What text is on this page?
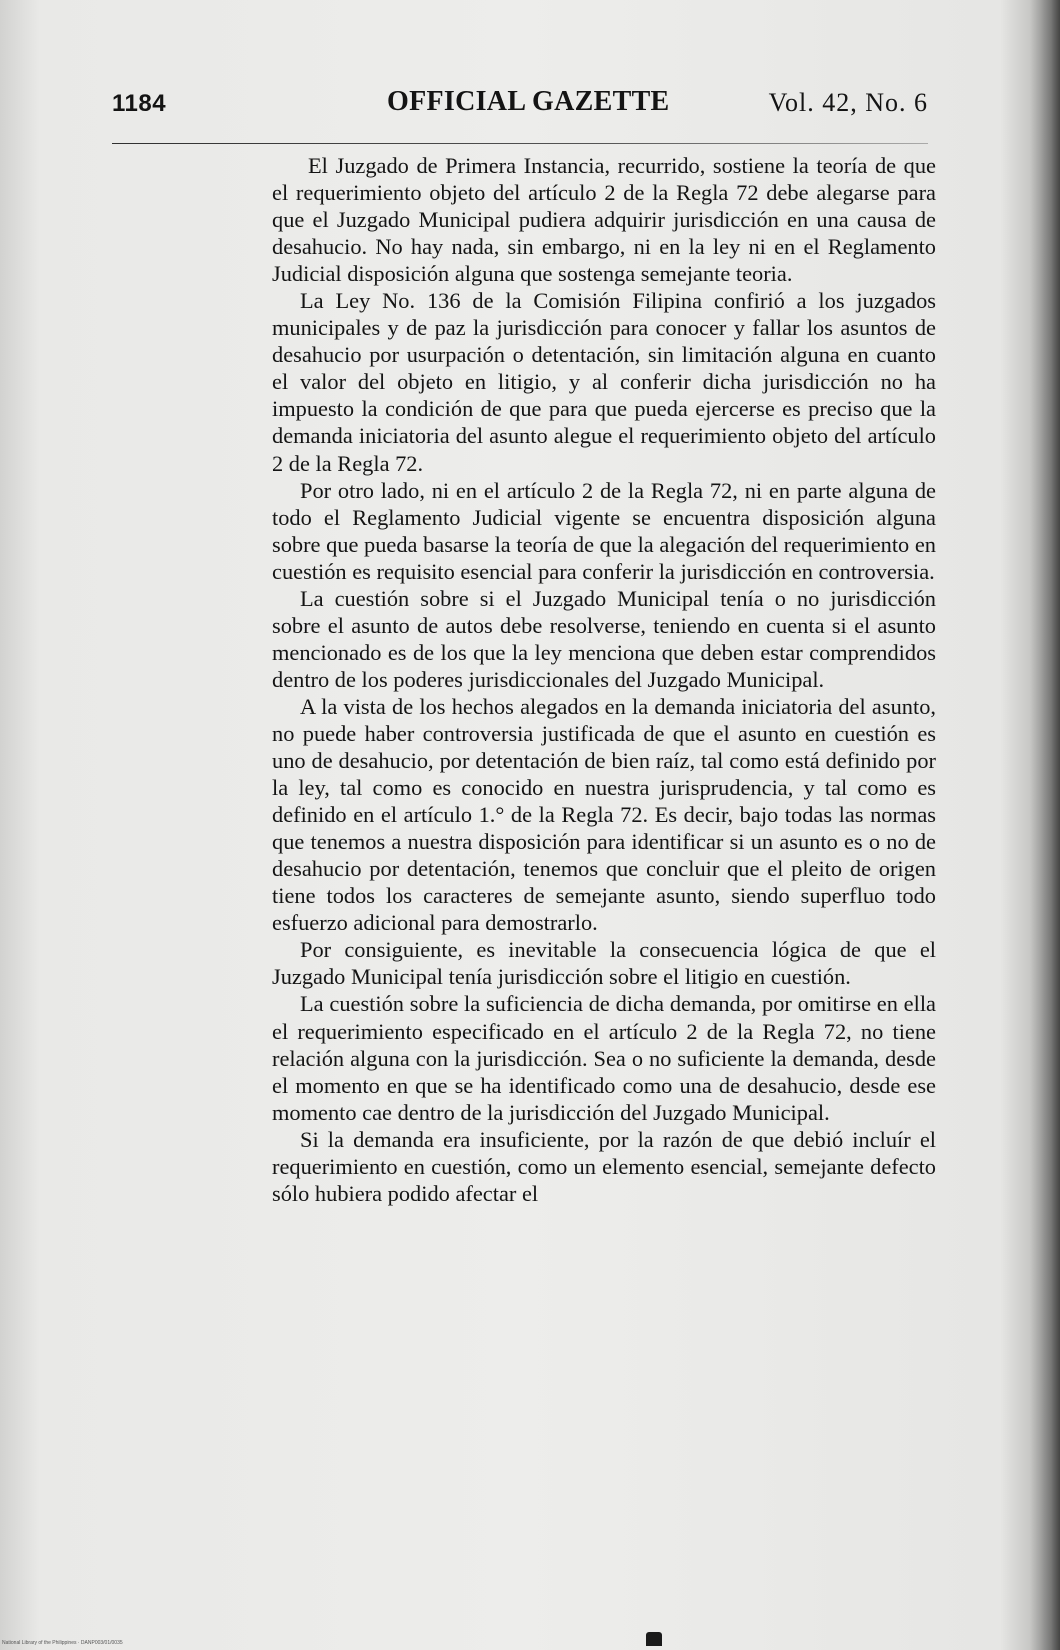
1184	OFFICIAL GAZETTE	Vol. 42, No. 6

El Juzgado de Primera Instancia, recurrido, sostiene la teoría de que el requerimiento objeto del artículo 2 de la Regla 72 debe alegarse para que el Juzgado Municipal pudiera adquirir jurisdicción en una causa de desahucio. No hay nada, sin embargo, ni en la ley ni en el Reglamento Judicial disposición alguna que sostenga semejante teoria.

La Ley No. 136 de la Comisión Filipina confirió a los juzgados municipales y de paz la jurisdicción para conocer y fallar los asuntos de desahucio por usurpación o detentación, sin limitación alguna en cuanto el valor del objeto en litigio, y al conferir dicha jurisdicción no ha impuesto la condición de que para que pueda ejercerse es preciso que la demanda iniciatoria del asunto alegue el requerimiento objeto del artículo 2 de la Regla 72.

Por otro lado, ni en el artículo 2 de la Regla 72, ni en parte alguna de todo el Reglamento Judicial vigente se encuentra disposición alguna sobre que pueda basarse la teoría de que la alegación del requerimiento en cuestión es requisito esencial para conferir la jurisdicción en controversia.

La cuestión sobre si el Juzgado Municipal tenía o no jurisdicción sobre el asunto de autos debe resolverse, teniendo en cuenta si el asunto mencionado es de los que la ley menciona que deben estar comprendidos dentro de los poderes jurisdiccionales del Juzgado Municipal.

A la vista de los hechos alegados en la demanda iniciatoria del asunto, no puede haber controversia justificada de que el asunto en cuestión es uno de desahucio, por detentación de bien raíz, tal como está definido por la ley, tal como es conocido en nuestra jurisprudencia, y tal como es definido en el artículo 1.° de la Regla 72. Es decir, bajo todas las normas que tenemos a nuestra disposición para identificar si un asunto es o no de desahucio por detentación, tenemos que concluir que el pleito de origen tiene todos los caracteres de semejante asunto, siendo superfluo todo esfuerzo adicional para demostrarlo.

Por consiguiente, es inevitable la consecuencia lógica de que el Juzgado Municipal tenía jurisdicción sobre el litigio en cuestión.

La cuestión sobre la suficiencia de dicha demanda, por omitirse en ella el requerimiento especificado en el artículo 2 de la Regla 72, no tiene relación alguna con la jurisdicción. Sea o no suficiente la demanda, desde el momento en que se ha identificado como una de desahucio, desde ese momento cae dentro de la jurisdicción del Juzgado Municipal.

Si la demanda era insuficiente, por la razón de que debió incluír el requerimiento en cuestión, como un elemento esencial, semejante defecto sólo hubiera podido afectar el

National Library of the Philippines · DANP003/01/0035
